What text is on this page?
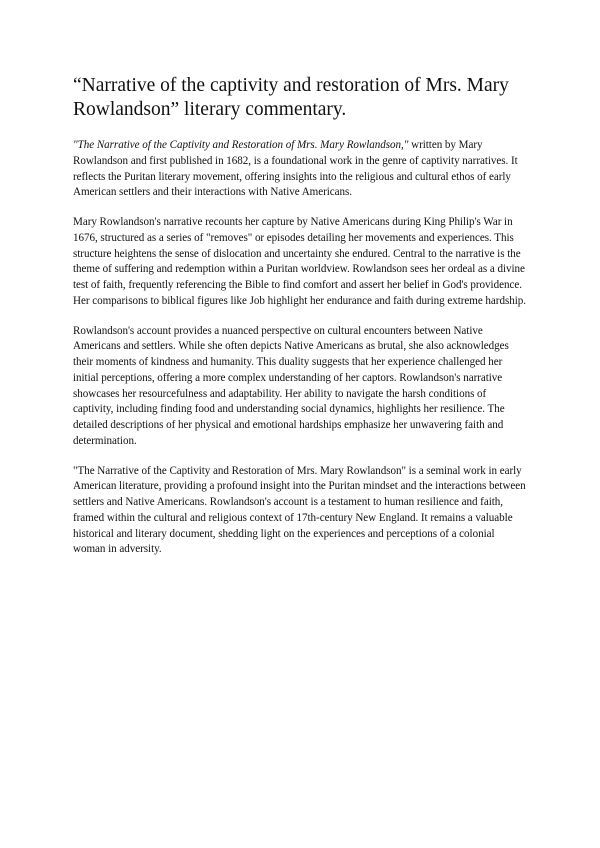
“Narrative of the captivity and restoration of Mrs. Mary Rowlandson” literary commentary.

"The Narrative of the Captivity and Restoration of Mrs. Mary Rowlandson," written by Mary Rowlandson and first published in 1682, is a foundational work in the genre of captivity narratives. It reflects the Puritan literary movement, offering insights into the religious and cultural ethos of early American settlers and their interactions with Native Americans.

Mary Rowlandson's narrative recounts her capture by Native Americans during King Philip's War in 1676, structured as a series of "removes" or episodes detailing her movements and experiences. This structure heightens the sense of dislocation and uncertainty she endured. Central to the narrative is the theme of suffering and redemption within a Puritan worldview. Rowlandson sees her ordeal as a divine test of faith, frequently referencing the Bible to find comfort and assert her belief in God's providence. Her comparisons to biblical figures like Job highlight her endurance and faith during extreme hardship.

Rowlandson's account provides a nuanced perspective on cultural encounters between Native Americans and settlers. While she often depicts Native Americans as brutal, she also acknowledges their moments of kindness and humanity. This duality suggests that her experience challenged her initial perceptions, offering a more complex understanding of her captors. Rowlandson's narrative showcases her resourcefulness and adaptability. Her ability to navigate the harsh conditions of captivity, including finding food and understanding social dynamics, highlights her resilience. The detailed descriptions of her physical and emotional hardships emphasize her unwavering faith and determination.

"The Narrative of the Captivity and Restoration of Mrs. Mary Rowlandson" is a seminal work in early American literature, providing a profound insight into the Puritan mindset and the interactions between settlers and Native Americans. Rowlandson's account is a testament to human resilience and faith, framed within the cultural and religious context of 17th-century New England. It remains a valuable historical and literary document, shedding light on the experiences and perceptions of a colonial woman in adversity.
